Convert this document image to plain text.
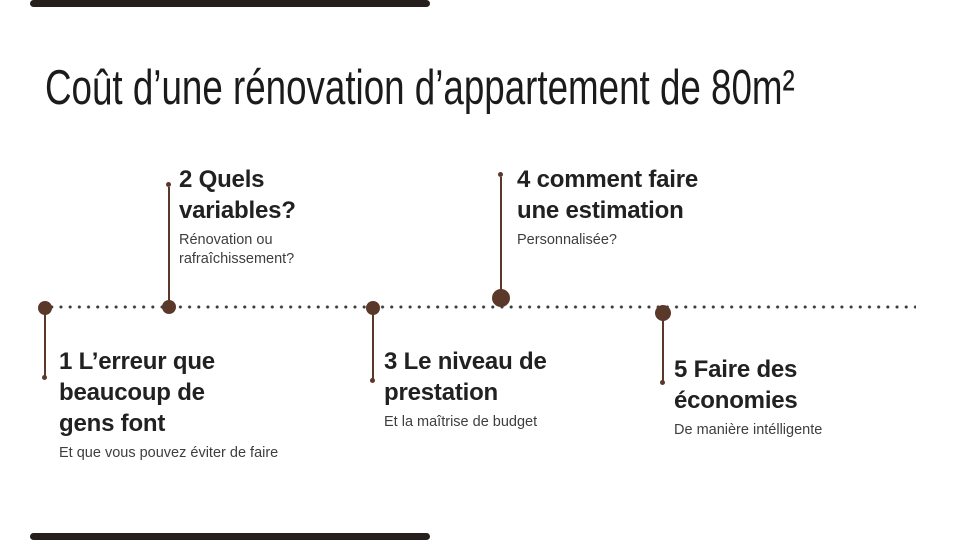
Coût d’une rénovation d’appartement de 80m²
1 L’erreur que beaucoup de gens font
Et que vous pouvez éviter de faire
2 Quels variables?
Rénovation ou rafraîchissement?
3 Le niveau de prestation
Et la maîtrise de budget
4 comment faire une estimation
Personnalisée?
5 Faire des économies
De manière intélligente
